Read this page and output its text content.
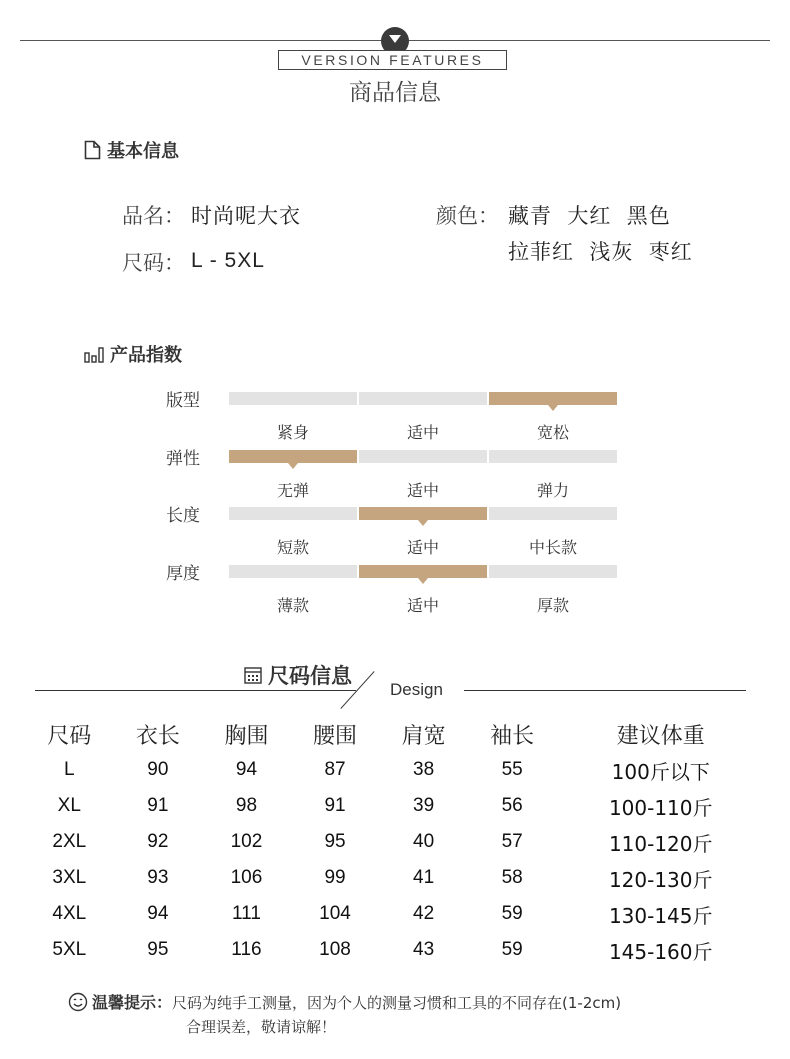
VERSION FEATURES
商品信息
基本信息
品名： 时尚呢大衣
尺码： L - 5XL
颜色： 藏青  大红  黑色
拉菲红  浅灰  枣红
产品指数
版型
紧身	适中	宽松
弹性
无弹	适中	弹力
长度
短款	适中	中长款
厚度
薄款	适中	厚款
尺码信息
Design
尺码	衣长	胸围	腰围	肩宽	袖长	建议体重
L	90	94	87	38	55	100斤以下
XL	91	98	91	39	56	100-110斤
2XL	92	102	95	40	57	110-120斤
3XL	93	106	99	41	58	120-130斤
4XL	94	111	104	42	59	130-145斤
5XL	95	116	108	43	59	145-160斤
温馨提示：尺码为纯手工测量，因为个人的测量习惯和工具的不同存在(1-2cm)
合理误差，敬请谅解！
